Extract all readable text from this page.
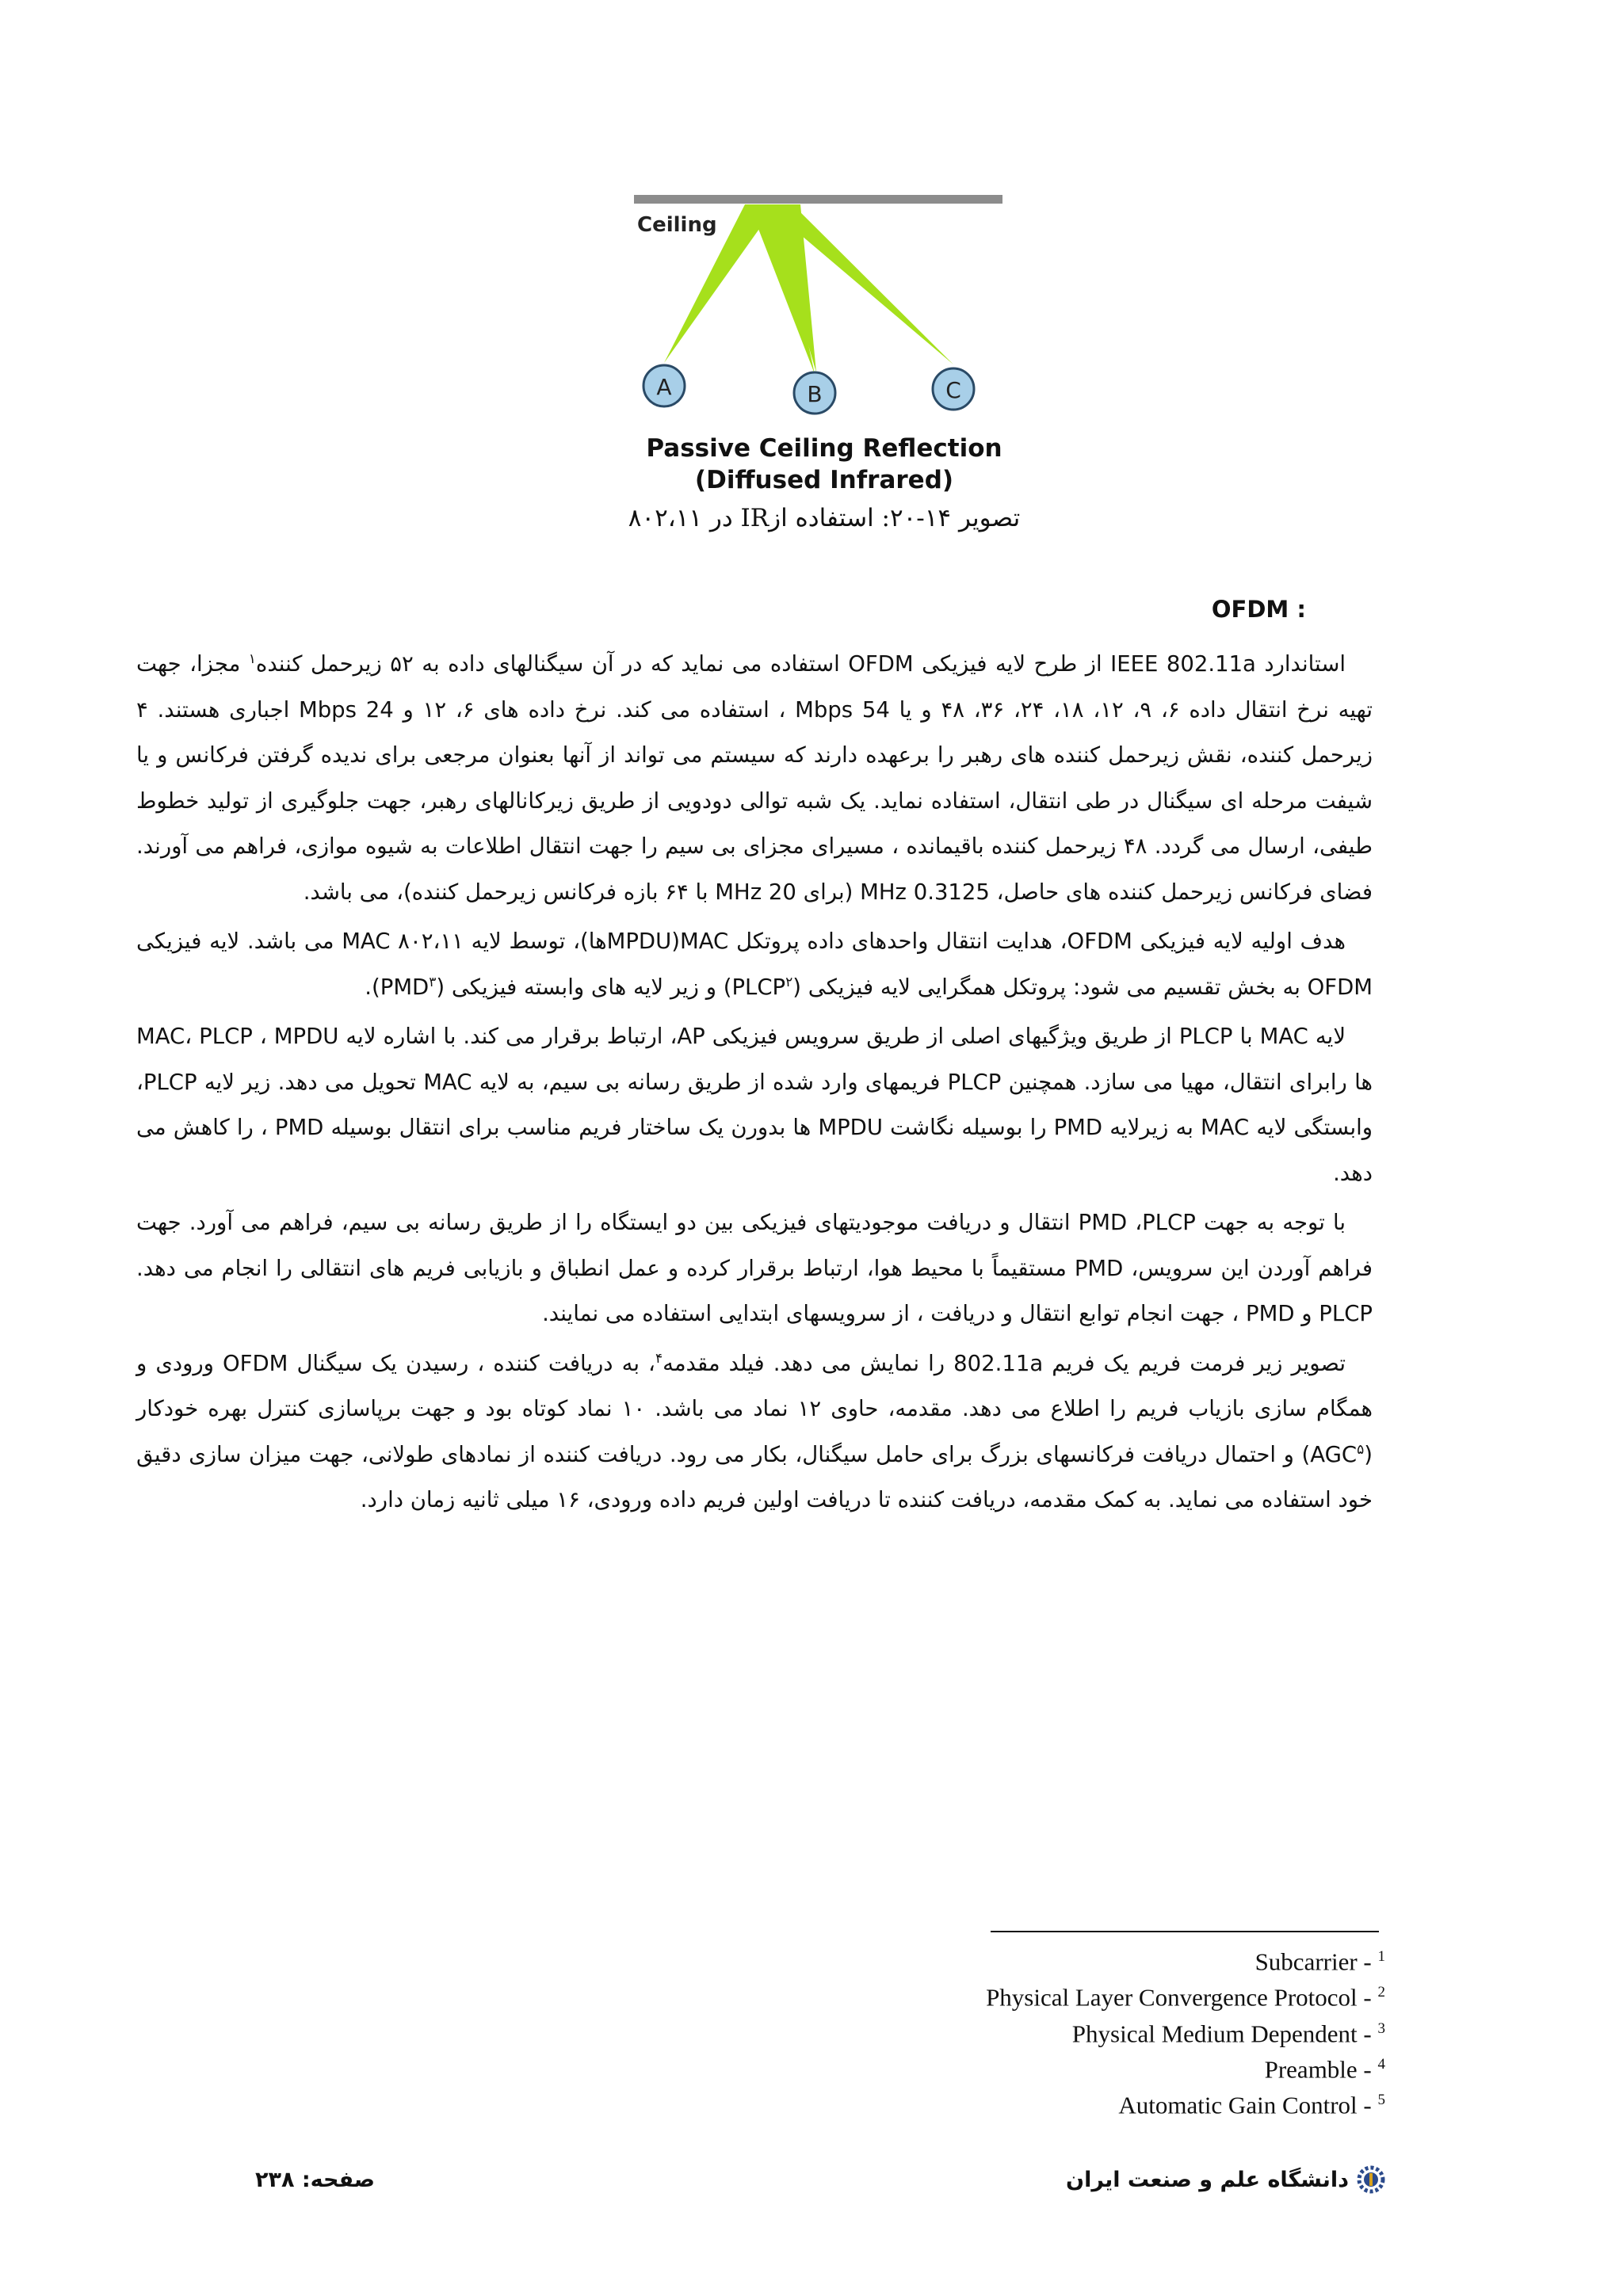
Ceiling
A	B	C
Passive Ceiling Reflection
(Diffused Infrared)
تصویر ۱۴-۲۰: استفاده ازIR در ۸۰۲،۱۱
: OFDM

استاندارد IEEE 802.11a از طرح لایه فیزیکی OFDM استفاده می نماید که در آن سیگنالهای داده به ۵۲ زیرحمل کننده$^۱$ مجزا، جهت تهیه نرخ انتقال داده ۶، ۹، ۱۲، ۱۸، ۲۴، ۳۶، ۴۸ و یا 54 Mbps ، استفاده می کند. نرخ داده های ۶، ۱۲ و 24 Mbps اجباری هستند. ۴ زیرحمل کننده، نقش زیرحمل کننده های رهبر را برعهده دارند که سیستم می تواند از آنها بعنوان مرجعی برای ندیده گرفتن فرکانس و یا شیفت مرحله ای سیگنال در طی انتقال، استفاده نماید. یک شبه توالی دودویی از طریق زیرکانالهای رهبر، جهت جلوگیری از تولید خطوط طیفی، ارسال می گردد. ۴۸ زیرحمل کننده باقیمانده ، مسیرای مجزای بی سیم را جهت انتقال اطلاعات به شیوه موازی، فراهم می آورند. فضای فرکانس زیرحمل کننده های حاصل، 0.3125 MHz (برای 20 MHz با ۶۴ بازه فرکانس زیرحمل کننده)، می باشد.

هدف اولیه لایه فیزیکی OFDM، هدایت انتقال واحدهای داده پروتکل MAC(MPDUها)، توسط لایه MAC ۸۰۲،۱۱ می باشد. لایه فیزیکی OFDM به بخش تقسیم می شود: پروتکل همگرایی لایه فیزیکی (PLCP$^۲$) و زیر لایه های وابسته فیزیکی (PMD$^۳$).

لایه MAC با PLCP از طریق ویژگیهای اصلی از طریق سرویس فیزیکی AP، ارتباط برقرار می کند. با اشاره لایه MAC، PLCP ، MPDU ها رابرای انتقال، مهیا می سازد. همچنین PLCP فریمهای وارد شده از طریق رسانه بی سیم، به لایه MAC تحویل می دهد. زیر لایه PLCP، وابستگی لایه MAC به زیرلایه PMD را بوسیله نگاشت MPDU ها بدورن یک ساختار فریم مناسب برای انتقال بوسیله PMD ، را کاهش می دهد.

با توجه به جهت PMD ،PLCP انتقال و دریافت موجودیتهای فیزیکی بین دو ایستگاه را از طریق رسانه بی سیم، فراهم می آورد. جهت فراهم آوردن این سرویس، PMD مستقیماً با محیط هوا، ارتباط برقرار کرده و عمل انطباق و بازیابی فریم های انتقالی را انجام می دهد. PLCP و PMD ، جهت انجام توابع انتقال و دریافت ، از سرویسهای ابتدایی استفاده می نمایند.

تصویر زیر فرمت فریم یک فریم 802.11a را نمایش می دهد. فیلد مقدمه$^۴$، به دریافت کننده ، رسیدن یک سیگنال OFDM ورودی و همگام سازی بازیاب فریم را اطلاع می دهد. مقدمه، حاوی ۱۲ نماد می باشد. ۱۰ نماد کوتاه بود و جهت برپاسازی کنترل بهره خودکار (AGC$^۵$) و احتمال دریافت فرکانسهای بزرگ برای حامل سیگنال، بکار می رود. دریافت کننده از نمادهای طولانی، جهت میزان سازی دقیق خود استفاده می نماید. به کمک مقدمه، دریافت کننده تا دریافت اولین فریم داده ورودی، ۱۶ میلی ثانیه زمان دارد.

Subcarrier - $^1$
Physical Layer Convergence Protocol - $^2$
Physical Medium Dependent - $^3$
Preamble - $^4$
Automatic Gain Control - $^5$
دانشگاه علم و صنعت ایران
صفحه: ۲۳۸
